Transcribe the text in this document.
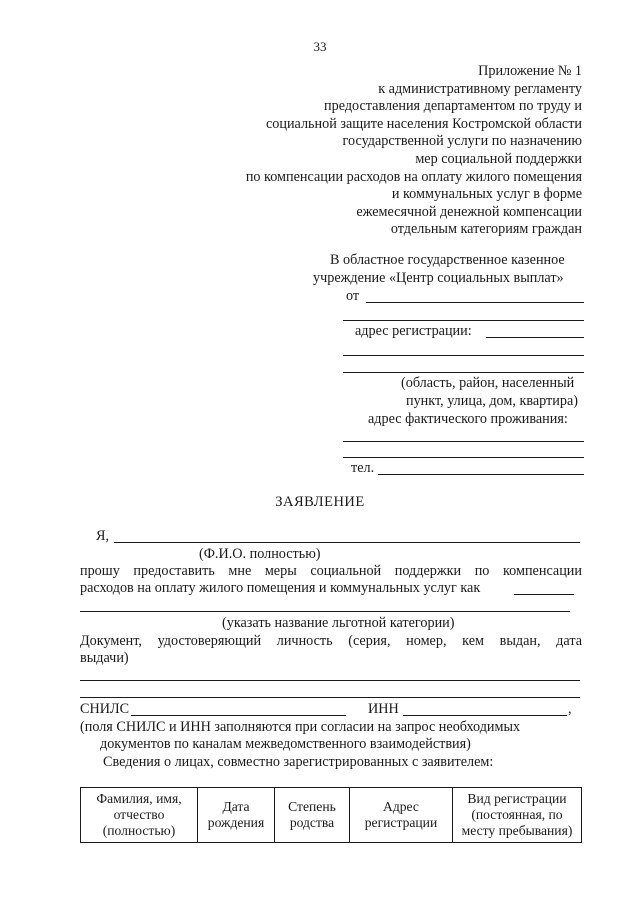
33
Приложение № 1
к административному регламенту
предоставления департаментом по труду и
социальной защите населения Костромской области
государственной услуги по назначению
мер социальной поддержки
по компенсации расходов на оплату жилого помещения
и коммунальных услуг в форме
ежемесячной денежной компенсации
отдельным категориям граждан
В областное государственное казенное
учреждение «Центр социальных выплат»
от
адрес регистрации:
(область, район, населенный
пункт, улица, дом, квартира)
адрес фактического проживания:
тел.
ЗАЯВЛЕНИЕ
Я,
(Ф.И.О. полностью)
прошу предоставить мне меры социальной поддержки по компенсации
расходов на оплату жилого помещения и коммунальных услуг как
(указать название льготной категории)
Документ, удостоверяющий личность (серия, номер, кем выдан, дата
выдачи)
СНИЛС	ИНН	,
(поля СНИЛС и ИНН заполняются при согласии на запрос необходимых
документов по каналам межведомственного взаимодействия)
Сведения о лицах, совместно зарегистрированных с заявителем:
Фамилия, имя, отчество (полностью)	Дата рождения	Степень родства	Адрес регистрации	Вид регистрации (постоянная, по месту пребывания)
